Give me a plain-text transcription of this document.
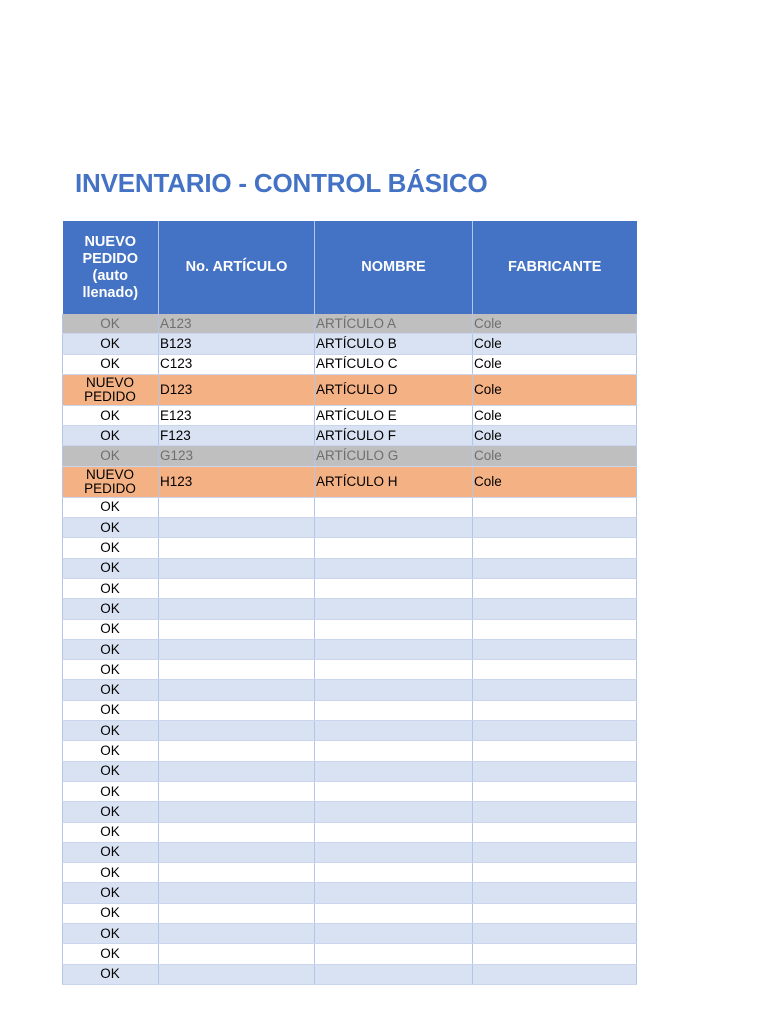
INVENTARIO - CONTROL BÁSICO
NUEVO PEDIDO (auto llenado)	No. ARTÍCULO	NOMBRE	FABRICANTE
OK	A123	ARTÍCULO A	Cole
OK	B123	ARTÍCULO B	Cole
OK	C123	ARTÍCULO C	Cole
NUEVO PEDIDO	D123	ARTÍCULO D	Cole
OK	E123	ARTÍCULO E	Cole
OK	F123	ARTÍCULO F	Cole
OK	G123	ARTÍCULO G	Cole
NUEVO PEDIDO	H123	ARTÍCULO H	Cole
OK			
OK			
OK			
OK			
OK			
OK			
OK			
OK			
OK			
OK			
OK			
OK			
OK			
OK			
OK			
OK			
OK			
OK			
OK			
OK			
OK			
OK			
OK			
OK			
